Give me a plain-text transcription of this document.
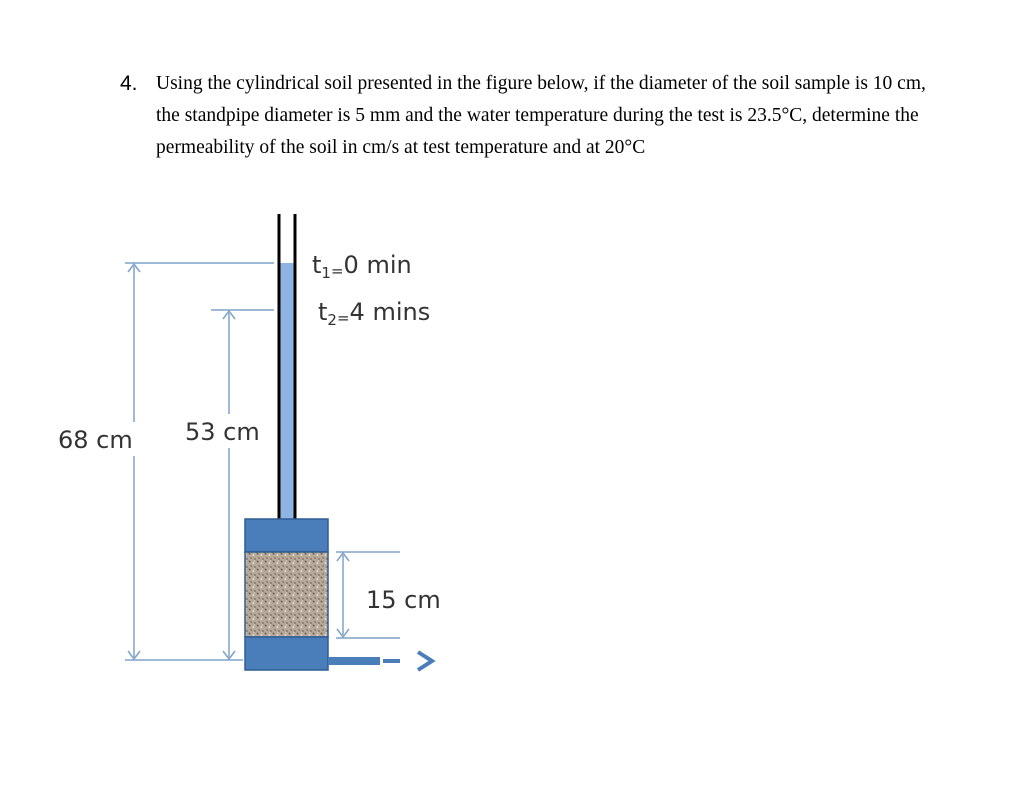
4. Using the cylindrical soil presented in the figure below, if the diameter of the soil sample is 10 cm, the standpipe diameter is 5 mm and the water temperature during the test is 23.5°C, determine the permeability of the soil in cm/s at test temperature and at 20°C
68 cm 53 cm
15 cm
$t_1=0$ min
$t_2=4$ mins
